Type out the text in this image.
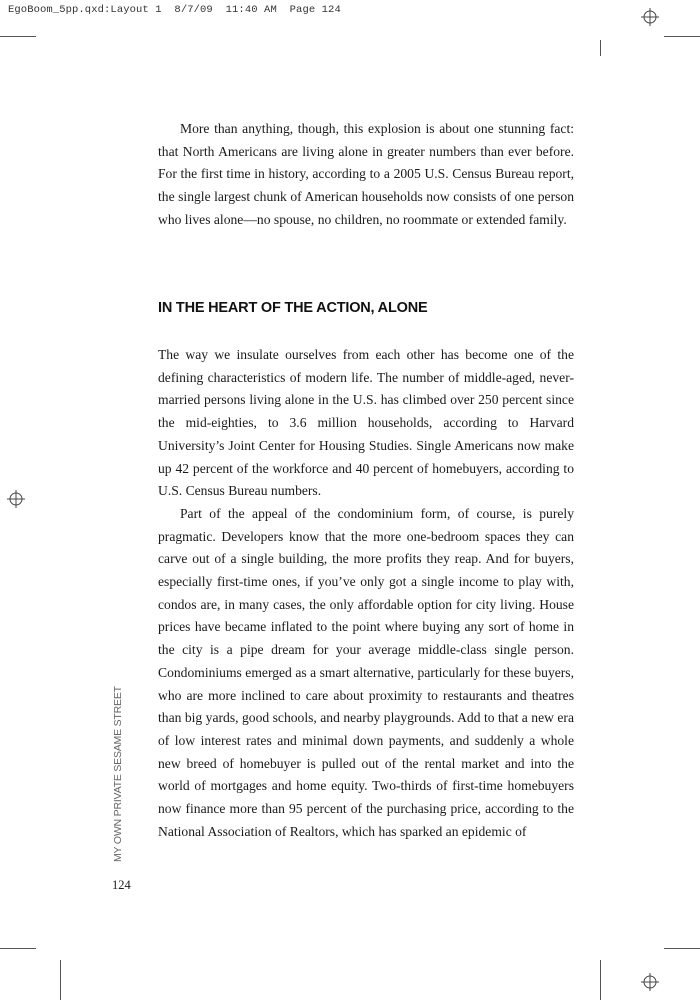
EgoBoom_5pp.qxd:Layout 1  8/7/09  11:40 AM  Page 124

More than anything, though, this explosion is about one stunning fact: that North Americans are living alone in greater numbers than ever before. For the first time in history, according to a 2005 U.S. Census Bureau report, the single largest chunk of American households now consists of one person who lives alone—no spouse, no children, no roommate or extended family.

IN THE HEART OF THE ACTION, ALONE

The way we insulate ourselves from each other has become one of the defining characteristics of modern life. The number of middle-aged, never-married persons living alone in the U.S. has climbed over 250 percent since the mid-eighties, to 3.6 million households, according to Harvard University’s Joint Center for Housing Studies. Single Americans now make up 42 percent of the workforce and 40 percent of homebuyers, according to U.S. Census Bureau numbers.

Part of the appeal of the condominium form, of course, is purely pragmatic. Developers know that the more one-bedroom spaces they can carve out of a single building, the more profits they reap. And for buyers, especially first-time ones, if you’ve only got a single income to play with, condos are, in many cases, the only affordable option for city living. House prices have became inflated to the point where buying any sort of home in the city is a pipe dream for your average middle-class single person. Condominiums emerged as a smart alternative, particularly for these buyers, who are more inclined to care about proximity to restaurants and theatres than big yards, good schools, and nearby playgrounds. Add to that a new era of low interest rates and minimal down payments, and suddenly a whole new breed of homebuyer is pulled out of the rental market and into the world of mortgages and home equity. Two-thirds of first-time homebuyers now finance more than 95 percent of the purchasing price, according to the National Association of Realtors, which has sparked an epidemic of

MY OWN PRIVATE SESAME STREET
124
